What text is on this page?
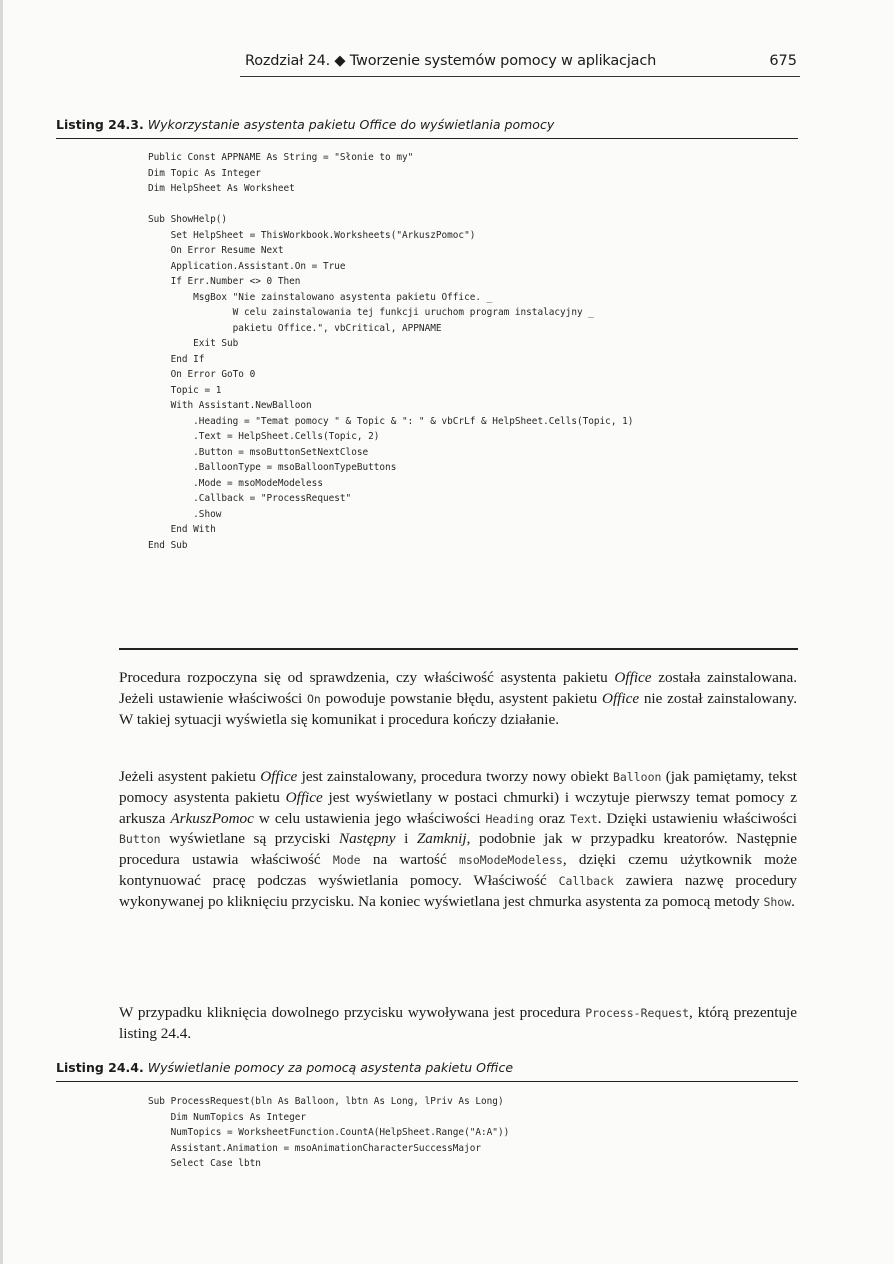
Rozdział 24. ◆ Tworzenie systemów pomocy w aplikacjach	675
Listing 24.3. Wykorzystanie asystenta pakietu Office do wyświetlania pomocy
Public Const APPNAME As String = "Słonie to my"
Dim Topic As Integer
Dim HelpSheet As Worksheet

Sub ShowHelp()
Set HelpSheet = ThisWorkbook.Worksheets("ArkuszPomoc")
On Error Resume Next
Application.Assistant.On = True
If Err.Number <> 0 Then
MsgBox "Nie zainstalowano asystenta pakietu Office. _
W celu zainstalowania tej funkcji uruchom program instalacyjny _
pakietu Office.", vbCritical, APPNAME
Exit Sub
End If
On Error GoTo 0
Topic = 1
With Assistant.NewBalloon
.Heading = "Temat pomocy " & Topic & ": " & vbCrLf & HelpSheet.Cells(Topic, 1)
.Text = HelpSheet.Cells(Topic, 2)
.Button = msoButtonSetNextClose
.BalloonType = msoBalloonTypeButtons
.Mode = msoModeModeless
.Callback = "ProcessRequest"
.Show
End With
End Sub

Procedura rozpoczyna się od sprawdzenia, czy właściwość asystenta pakietu Office została zainstalowana. Jeżeli ustawienie właściwości On powoduje powstanie błędu, asystent pakietu Office nie został zainstalowany. W takiej sytuacji wyświetla się komunikat i procedura kończy działanie.

Jeżeli asystent pakietu Office jest zainstalowany, procedura tworzy nowy obiekt Balloon (jak pamiętamy, tekst pomocy asystenta pakietu Office jest wyświetlany w postaci chmurki) i wczytuje pierwszy temat pomocy z arkusza ArkuszPomoc w celu ustawienia jego właściwości Heading oraz Text. Dzięki ustawieniu właściwości Button wyświetlane są przyciski Następny i Zamknij, podobnie jak w przypadku kreatorów. Następnie procedura ustawia właściwość Mode na wartość msoModeModeless, dzięki czemu użytkownik może kontynuować pracę podczas wyświetlania pomocy. Właściwość Callback zawiera nazwę procedury wykonywanej po kliknięciu przycisku. Na koniec wyświetlana jest chmurka asystenta za pomocą metody Show.

W przypadku kliknięcia dowolnego przycisku wywoływana jest procedura Process-Request, którą prezentuje listing 24.4.

Listing 24.4. Wyświetlanie pomocy za pomocą asystenta pakietu Office
Sub ProcessRequest(bln As Balloon, lbtn As Long, lPriv As Long)
Dim NumTopics As Integer
NumTopics = WorksheetFunction.CountA(HelpSheet.Range("A:A"))
Assistant.Animation = msoAnimationCharacterSuccessMajor
Select Case lbtn
